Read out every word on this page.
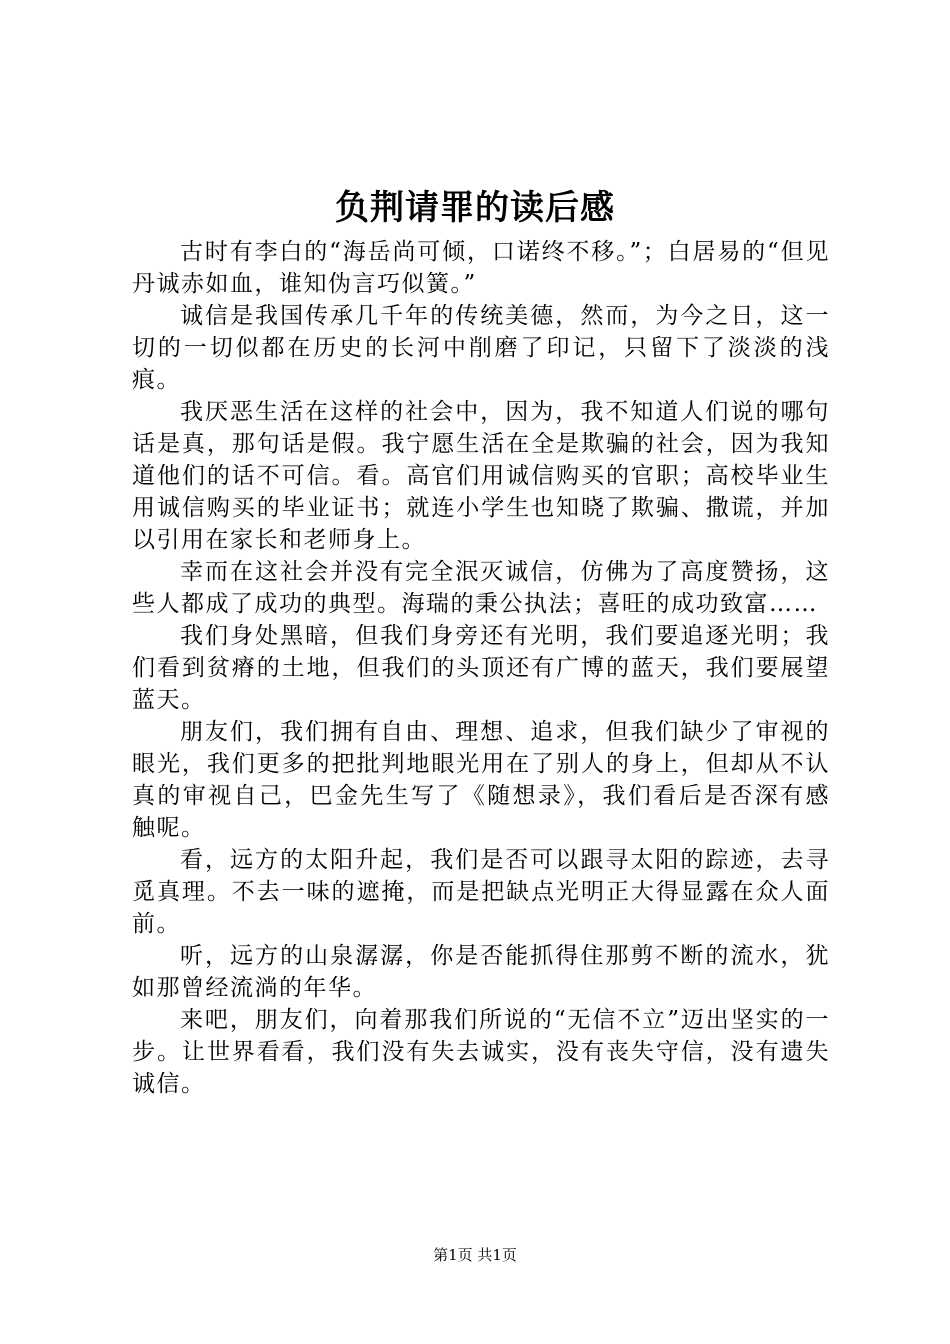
负荆请罪的读后感

古时有李白的“海岳尚可倾，口诺终不移。”；白居易的“但见丹诚赤如血，谁知伪言巧似簧。”

诚信是我国传承几千年的传统美德，然而，为今之日，这一切的一切似都在历史的长河中削磨了印记，只留下了淡淡的浅痕。

我厌恶生活在这样的社会中，因为，我不知道人们说的哪句话是真，那句话是假。我宁愿生活在全是欺骗的社会，因为我知道他们的话不可信。看。高官们用诚信购买的官职；高校毕业生用诚信购买的毕业证书；就连小学生也知晓了欺骗、撒谎，并加以引用在家长和老师身上。

幸而在这社会并没有完全泯灭诚信，仿佛为了高度赞扬，这些人都成了成功的典型。海瑞的秉公执法；喜旺的成功致富……

我们身处黑暗，但我们身旁还有光明，我们要追逐光明；我们看到贫瘠的土地，但我们的头顶还有广博的蓝天，我们要展望蓝天。

朋友们，我们拥有自由、理想、追求，但我们缺少了审视的眼光，我们更多的把批判地眼光用在了别人的身上，但却从不认真的审视自己，巴金先生写了《随想录》，我们看后是否深有感触呢。

看，远方的太阳升起，我们是否可以跟寻太阳的踪迹，去寻觅真理。不去一味的遮掩，而是把缺点光明正大得显露在众人面前。

听，远方的山泉潺潺，你是否能抓得住那剪不断的流水，犹如那曾经流淌的年华。

来吧，朋友们，向着那我们所说的“无信不立”迈出坚实的一步。让世界看看，我们没有失去诚实，没有丧失守信，没有遗失诚信。

第1页 共1页
